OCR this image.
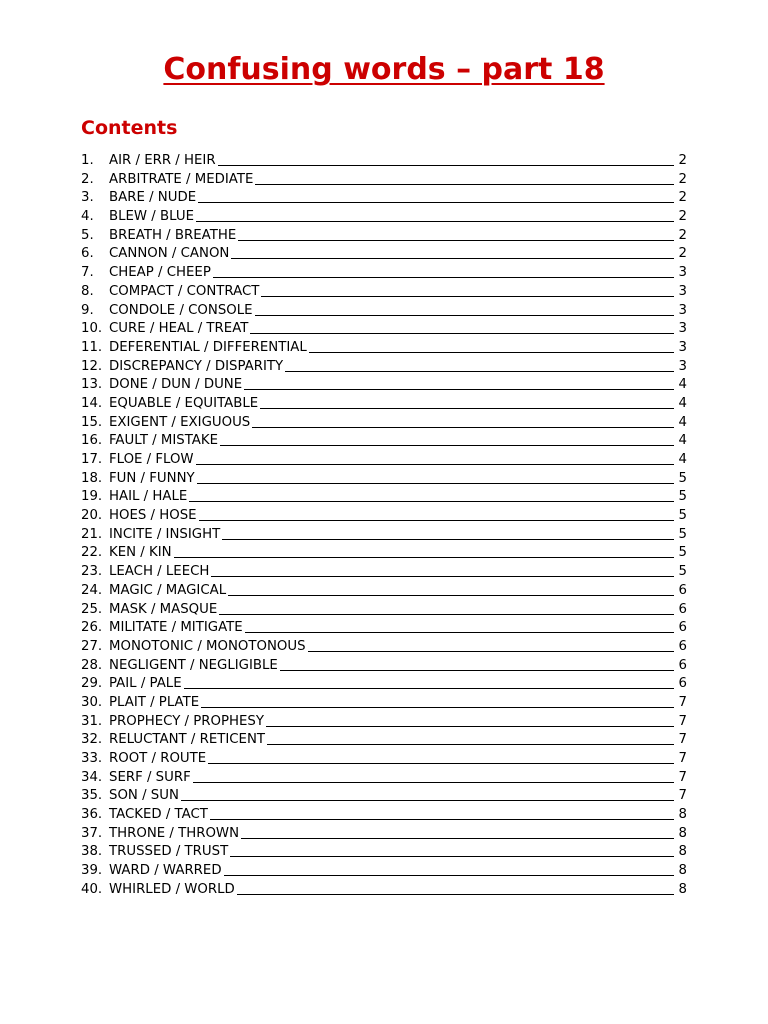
Confusing words – part 18
Contents
1.	AIR / ERR / HEIR	2
2.	ARBITRATE / MEDIATE	2
3.	BARE / NUDE	2
4.	BLEW / BLUE	2
5.	BREATH / BREATHE	2
6.	CANNON / CANON	2
7.	CHEAP / CHEEP	3
8.	COMPACT / CONTRACT	3
9.	CONDOLE / CONSOLE	3
10. CURE / HEAL / TREAT	3
11. DEFERENTIAL / DIFFERENTIAL	3
12. DISCREPANCY / DISPARITY	3
13. DONE / DUN / DUNE	4
14. EQUABLE / EQUITABLE	4
15. EXIGENT / EXIGUOUS	4
16. FAULT / MISTAKE	4
17. FLOE / FLOW	4
18. FUN / FUNNY	5
19. HAIL / HALE	5
20. HOES / HOSE	5
21. INCITE / INSIGHT	5
22. KEN / KIN	5
23. LEACH / LEECH	5
24. MAGIC / MAGICAL	6
25. MASK / MASQUE	6
26. MILITATE / MITIGATE	6
27. MONOTONIC / MONOTONOUS	6
28. NEGLIGENT / NEGLIGIBLE	6
29. PAIL / PALE	6
30. PLAIT / PLATE	7
31. PROPHECY / PROPHESY	7
32. RELUCTANT / RETICENT	7
33. ROOT / ROUTE	7
34. SERF / SURF	7
35. SON / SUN	7
36. TACKED / TACT	8
37. THRONE / THROWN	8
38. TRUSSED / TRUST	8
39. WARD / WARRED	8
40. WHIRLED / WORLD	8
